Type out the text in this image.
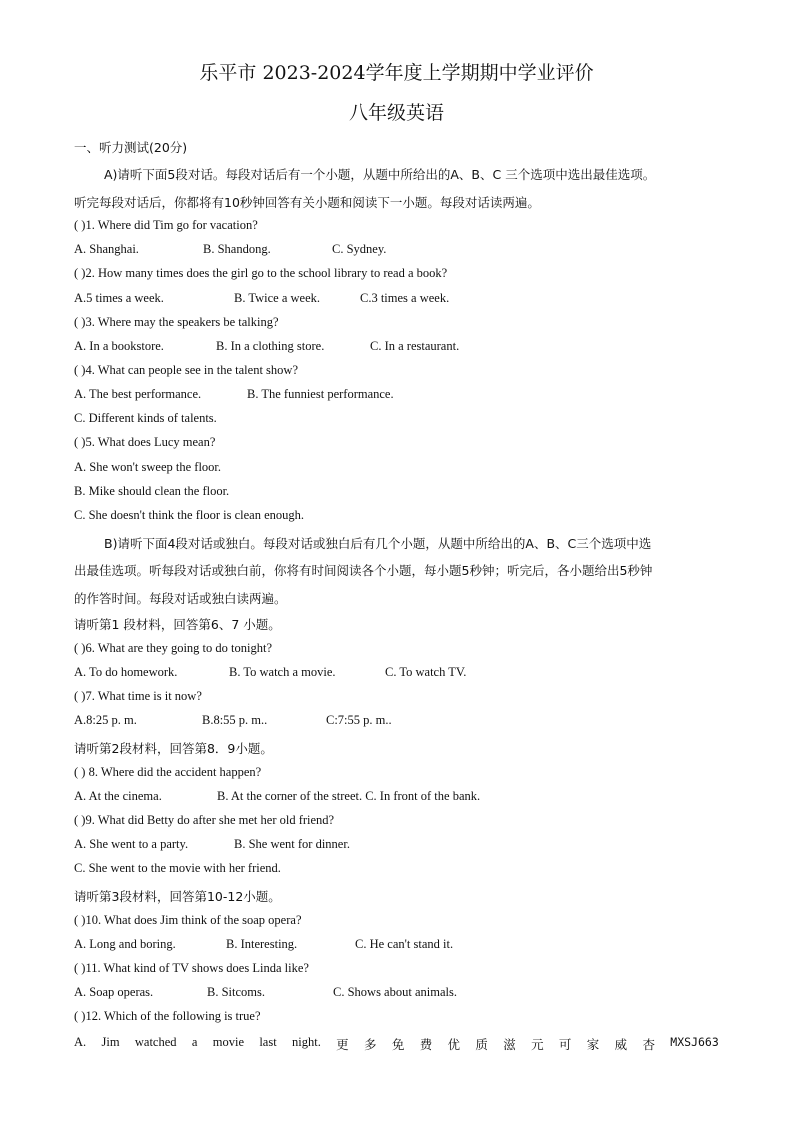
乐平市 2023-2024学年度上学期期中学业评价
八年级英语
一、听力测试(20分)
A)请听下面5段对话。每段对话后有一个小题，从题中所给出的A、B、C 三个选项中选出最佳选项。
听完每段对话后，你都将有10秒钟回答有关小题和阅读下一小题。每段对话读两遍。
( )1. Where did Tim go for vacation?
A. Shanghai.	B. Shandong.	C. Sydney.
( )2. How many times does the girl go to the school library to read a book?
A.5 times a week.	B. Twice a week.	C.3 times a week.
( )3. Where may the speakers be talking?
A. In a bookstore.	B. In a clothing store.	C. In a restaurant.
( )4. What can people see in the talent show?
A. The best performance.	B. The funniest performance.
C. Different kinds of talents.
( )5. What does Lucy mean?
A. She won't sweep the floor.
B. Mike should clean the floor.
C. She doesn't think the floor is clean enough.
B)请听下面4段对话或独白。每段对话或独白后有几个小题，从题中所给出的A、B、C三个选项中选
出最佳选项。听每段对话或独白前，你将有时间阅读各个小题，每小题5秒钟；听完后，各小题给出5秒钟
的作答时间。每段对话或独白读两遍。
请听第1 段材料，回答第6、7 小题。
( )6. What are they going to do tonight?
A. To do homework.	B. To watch a movie.	C. To watch TV.
( )7. What time is it now?
A.8:25 p. m.	B.8:55 p. m..	C:7:55 p. m..
请听第2段材料，回答第8．9小题。
( ) 8. Where did the accident happen?
A. At the cinema.	B. At the corner of the street. C. In front of the bank.
( )9. What did Betty do after she met her old friend?
A. She went to a party.	B. She went for dinner.
C. She went to the movie with her friend.
请听第3段材料，回答第10-12小题。
( )10. What does Jim think of the soap opera?
A. Long and boring.	B. Interesting.	C. He can't stand it.
( )11. What kind of TV shows does Linda like?
A. Soap operas.	B. Sitcoms.	C. Shows about animals.
( )12. Which of the following is true?
A. Jim watched a movie last night. 更 多 免 费 优 质 滋 元 可 家 威 杏 MXSJ663
